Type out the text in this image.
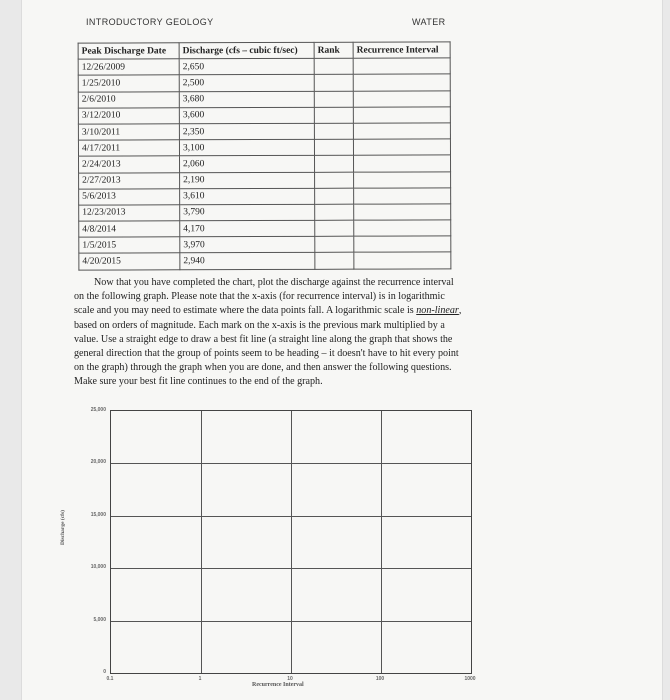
INTRODUCTORY GEOLOGY	WATER
Peak Discharge Date	Discharge (cfs – cubic ft/sec)	Rank	Recurrence Interval
12/26/2009	2,650		
1/25/2010	2,500		
2/6/2010	3,680		
3/12/2010	3,600		
3/10/2011	2,350		
4/17/2011	3,100		
2/24/2013	2,060		
2/27/2013	2,190		
5/6/2013	3,610		
12/23/2013	3,790		
4/8/2014	4,170		
1/5/2015	3,970		
4/20/2015	2,940		

Now that you have completed the chart, plot the discharge against the recurrence interval on the following graph. Please note that the x-axis (for recurrence interval) is in logarithmic scale and you may need to estimate where the data points fall. A logarithmic scale is non-linear, based on orders of magnitude. Each mark on the x-axis is the previous mark multiplied by a value. Use a straight edge to draw a best fit line (a straight line along the graph that shows the general direction that the group of points seem to be heading – it doesn't have to hit every point on the graph) through the graph when you are done, and then answer the following questions. Make sure your best fit line continues to the end of the graph.

25,000
20,000
15,000
10,000
5,000
0
0.1	1	10	100	1000
Discharge (cfs)
Recurrence Interval
